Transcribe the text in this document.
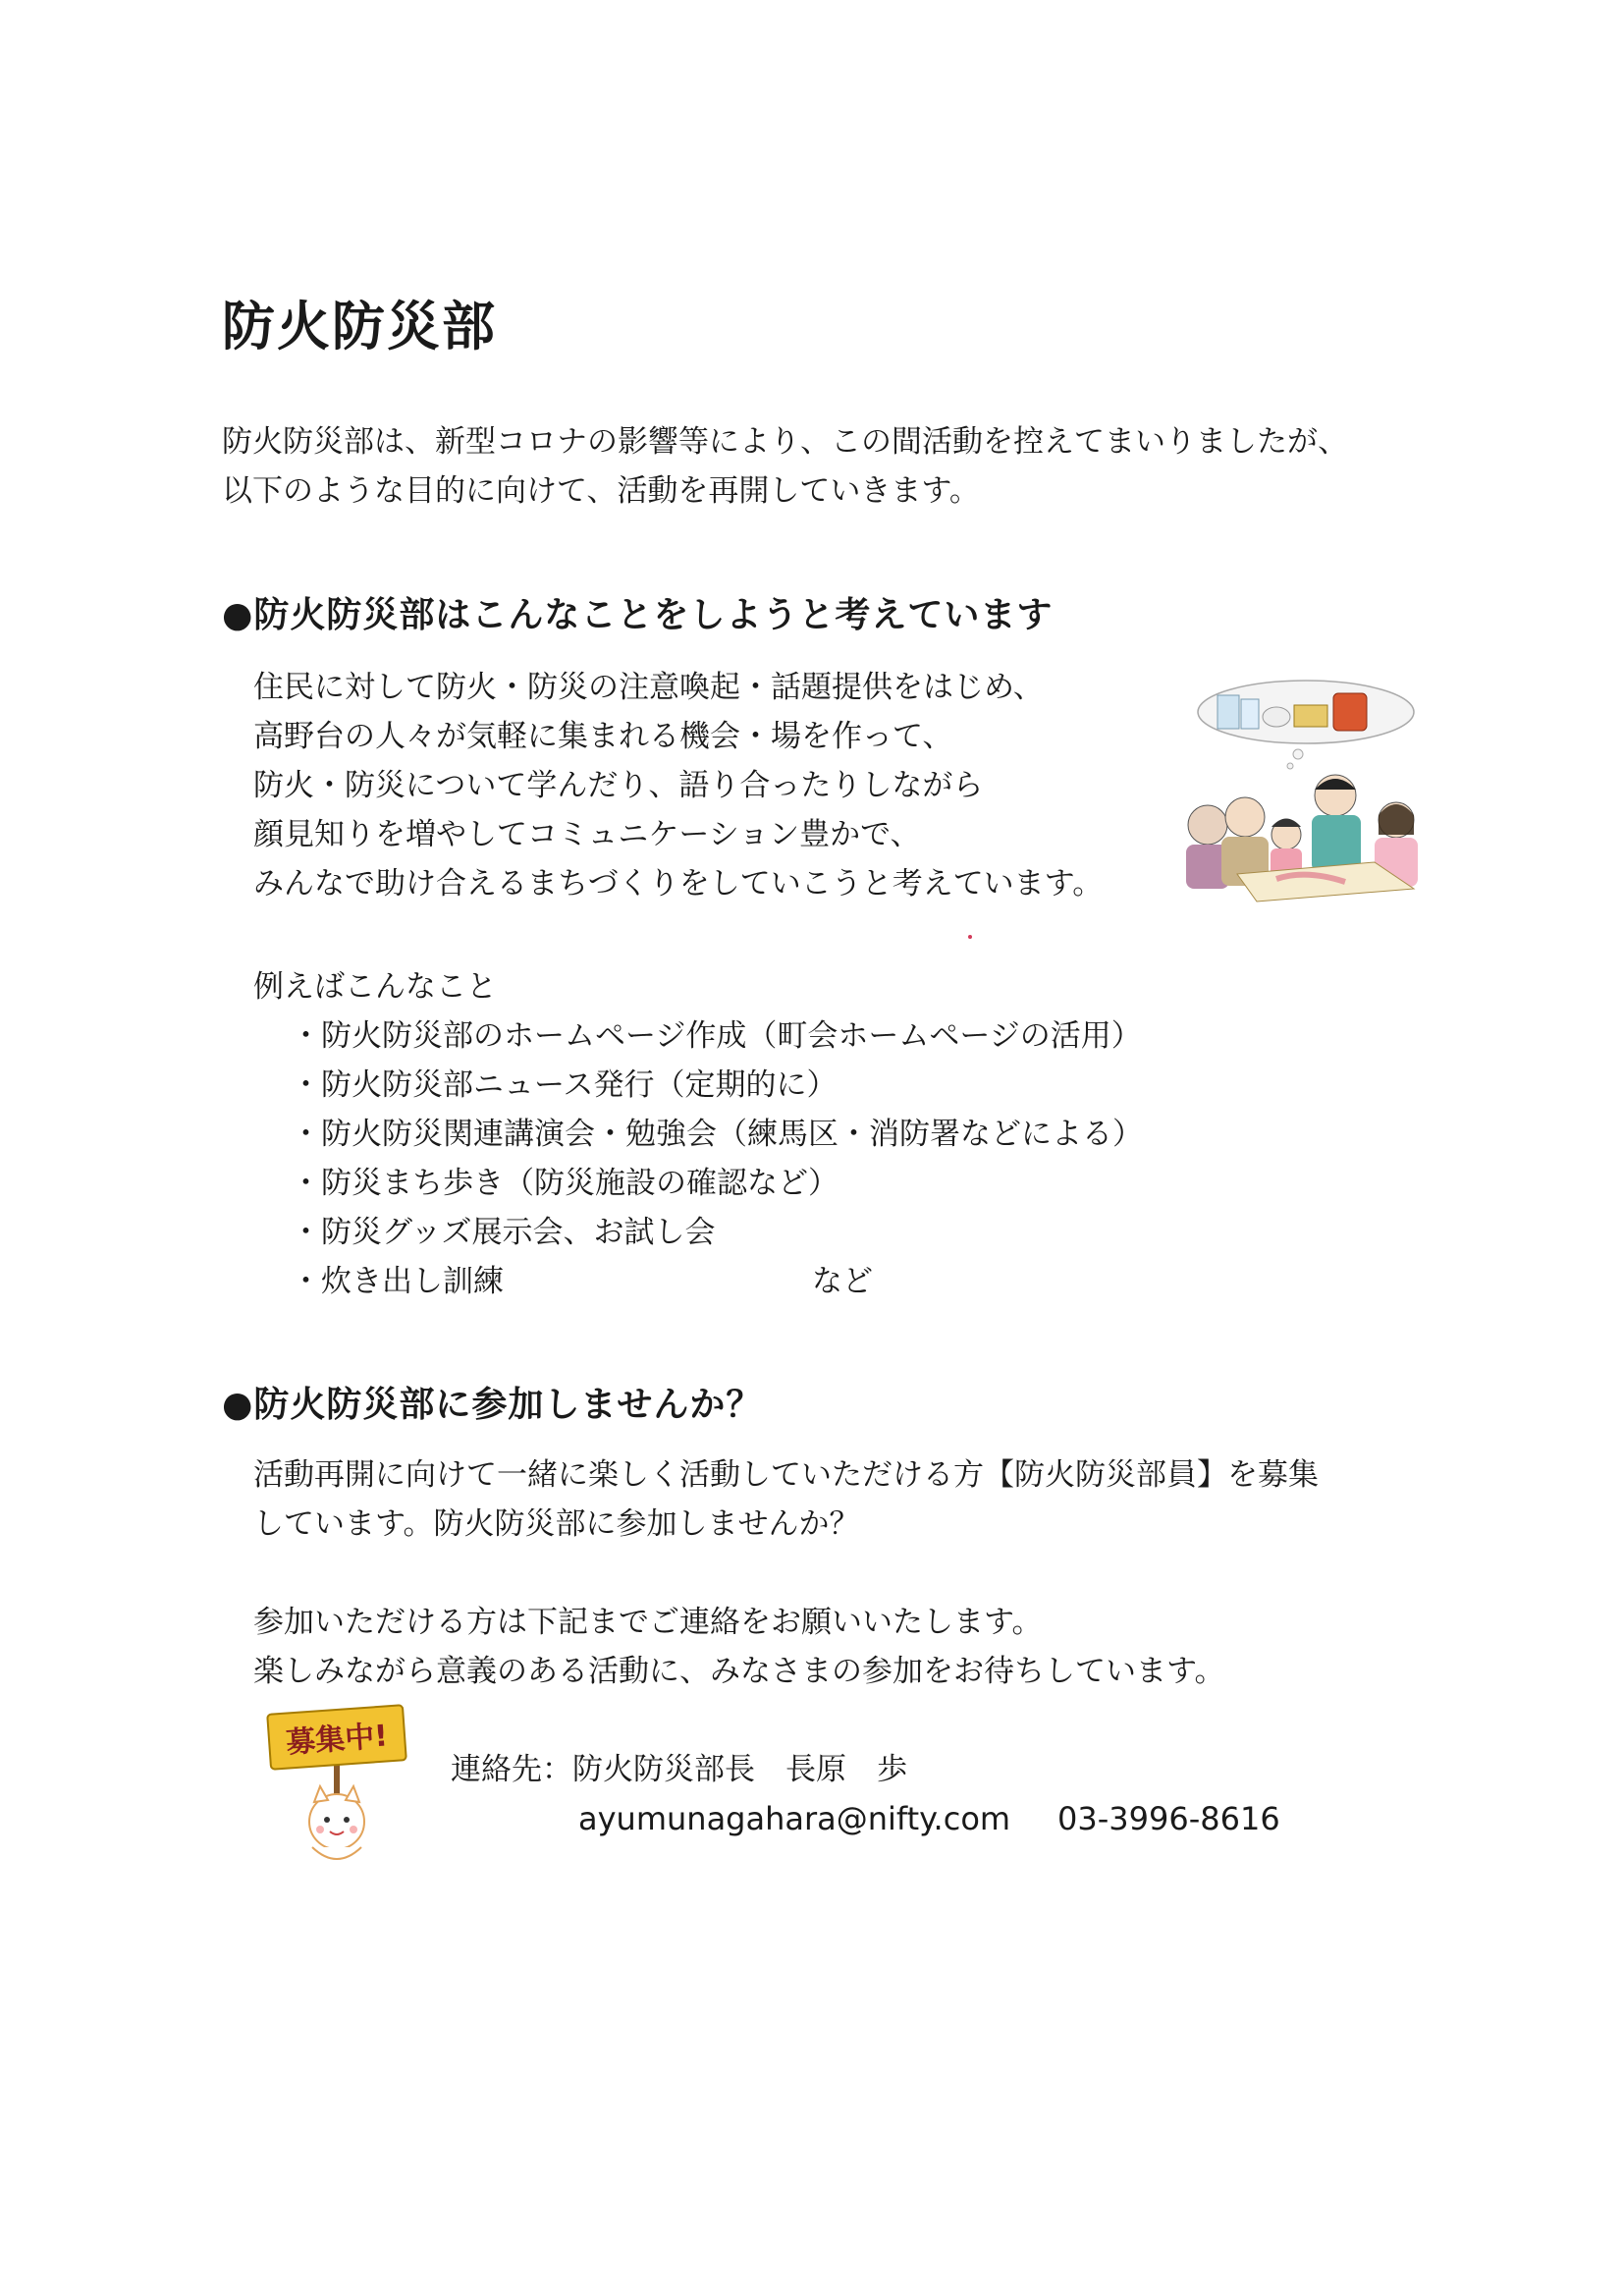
防火防災部
防火防災部は、新型コロナの影響等により、この間活動を控えてまいりましたが、
以下のような目的に向けて、活動を再開していきます。
●防火防災部はこんなことをしようと考えています
住民に対して防火・防災の注意喚起・話題提供をはじめ、
高野台の人々が気軽に集まれる機会・場を作って、
防火・防災について学んだり、語り合ったりしながら
顔見知りを増やしてコミュニケーション豊かで、
みんなで助け合えるまちづくりをしていこうと考えています。
例えばこんなこと
・防火防災部のホームページ作成（町会ホームページの活用）
・防火防災部ニュース発行（定期的に）
・防火防災関連講演会・勉強会（練馬区・消防署などによる）
・防災まち歩き（防災施設の確認など）
・防災グッズ展示会、お試し会
・炊き出し訓練	など
●防火防災部に参加しませんか？
活動再開に向けて一緒に楽しく活動していただける方【防火防災部員】を募集
しています。防火防災部に参加しませんか？
参加いただける方は下記までご連絡をお願いいたします。
楽しみながら意義のある活動に、みなさまの参加をお待ちしています。
募集中!
連絡先：防火防災部長　長原　歩
ayumunagahara@nifty.com 03-3996-8616
